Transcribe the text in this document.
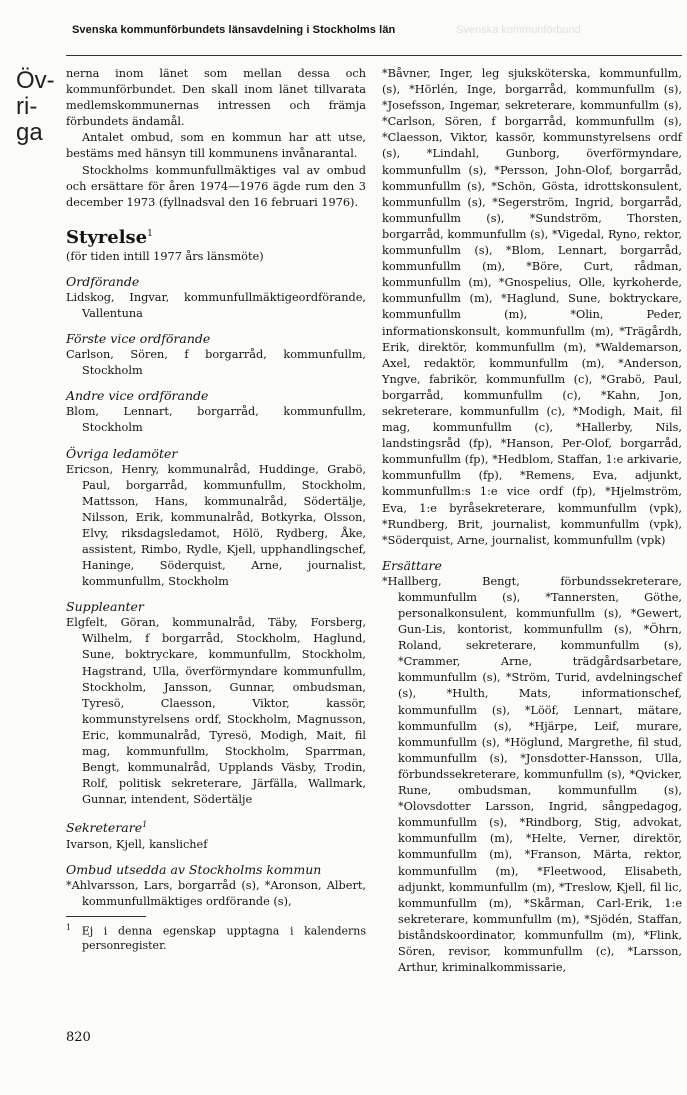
Svenska kommunförbundets länsavdelning i Stockholms län	Svenska kommunförbund
Öv-
ri-
ga

nerna inom länet som mellan dessa och kommunförbundet. Den skall inom länet tillvarata medlemskommunernas intressen och främja förbundets ändamål.

Antalet ombud, som en kommun har att utse, bestäms med hänsyn till kommunens invånarantal.

Stockholms kommunfullmäktiges val av ombud och ersättare för åren 1974—1976 ägde rum den 3 december 1973 (fyllnadsval den 16 februari 1976).

Styrelse$^1$

(för tiden intill 1977 års länsmöte)

Ordförande

Lidskog, Ingvar, kommunfullmäktigeordförande, Vallentuna

Förste vice ordförande

Carlson, Sören, f borgarråd, kommunfullm, Stockholm

Andre vice ordförande

Blom, Lennart, borgarråd, kommunfullm, Stockholm

Övriga ledamöter

Ericson, Henry, kommunalråd, Huddinge, Grabö, Paul, borgarråd, kommunfullm, Stockholm, Mattsson, Hans, kommunalråd, Södertälje, Nilsson, Erik, kommunalråd, Botkyrka, Olsson, Elvy, riksdagsledamot, Hölö, Rydberg, Åke, assistent, Rimbo, Rydle, Kjell, upphandlingschef, Haninge, Söderquist, Arne, journalist, kommunfullm, Stockholm

Suppleanter

Elgfelt, Göran, kommunalråd, Täby, Forsberg, Wilhelm, f borgarråd, Stockholm, Haglund, Sune, boktryckare, kommunfullm, Stockholm, Hagstrand, Ulla, överförmyndare kommunfullm, Stockholm, Jansson, Gunnar, ombudsman, Tyresö, Claesson, Viktor, kassör, kommunstyrelsens ordf, Stockholm, Magnusson, Eric, kommunalråd, Tyresö, Modigh, Mait, fil mag, kommunfullm, Stockholm, Sparrman, Bengt, kommunalråd, Upplands Väsby, Trodin, Rolf, politisk sekreterare, Järfälla, Wallmark, Gunnar, intendent, Södertälje

Sekreterare$^1$

Ivarson, Kjell, kanslichef

Ombud utsedda av Stockholms kommun

*Ahlvarsson, Lars, borgarråd (s), *Aronson, Albert, kommunfullmäktiges ordförande (s),

$^1$ Ej i denna egenskap upptagna i kalenderns personregister.

*Båvner, Inger, leg sjuksköterska, kommunfullm, (s), *Hörlén, Inge, borgarråd, kommunfullm (s), *Josefsson, Ingemar, sekreterare, kommunfullm (s), *Carlson, Sören, f borgarråd, kommunfullm (s), *Claesson, Viktor, kassör, kommunstyrelsens ordf (s), *Lindahl, Gunborg, överförmyndare, kommunfullm (s), *Persson, John-Olof, borgarråd, kommunfullm (s), *Schön, Gösta, idrottskonsulent, kommunfullm (s), *Segerström, Ingrid, borgarråd, kommunfullm (s), *Sundström, Thorsten, borgarråd, kommunfullm (s), *Vigedal, Ryno, rektor, kommunfullm (s), *Blom, Lennart, borgarråd, kommunfullm (m), *Böre, Curt, rådman, kommunfullm (m), *Gnospelius, Olle, kyrkoherde, kommunfullm (m), *Haglund, Sune, boktryckare, kommunfullm (m), *Olin, Peder, informationskonsult, kommunfullm (m), *Trägårdh, Erik, direktör, kommunfullm (m), *Waldemarson, Axel, redaktör, kommunfullm (m), *Anderson, Yngve, fabrikör, kommunfullm (c), *Grabö, Paul, borgarråd, kommunfullm (c), *Kahn, Jon, sekreterare, kommunfullm (c), *Modigh, Mait, fil mag, kommunfullm (c), *Hallerby, Nils, landstingsråd (fp), *Hanson, Per-Olof, borgarråd, kommunfullm (fp), *Hedblom, Staffan, 1:e arkivarie, kommunfullm (fp), *Remens, Eva, adjunkt, kommunfullm:s 1:e vice ordf (fp), *Hjelmström, Eva, 1:e byråsekreterare, kommunfullm (vpk), *Rundberg, Brit, journalist, kommunfullm (vpk), *Söderquist, Arne, journalist, kommunfullm (vpk)

Ersättare

*Hallberg, Bengt, förbundssekreterare, kommunfullm (s), *Tannersten, Göthe, personalkonsulent, kommunfullm (s), *Gewert, Gun-Lis, kontorist, kommunfullm (s), *Öhrn, Roland, sekreterare, kommunfullm (s), *Crammer, Arne, trädgårdsarbetare, kommunfullm (s), *Ström, Turid, avdelningschef (s), *Hulth, Mats, informationschef, kommunfullm (s), *Lööf, Lennart, mätare, kommunfullm (s), *Hjärpe, Leif, murare, kommunfullm (s), *Höglund, Margrethe, fil stud, kommunfullm (s), *Jonsdotter-Hansson, Ulla, förbundssekreterare, kommunfullm (s), *Qvicker, Rune, ombudsman, kommunfullm (s), *Olovsdotter Larsson, Ingrid, sångpedagog, kommunfullm (s), *Rindborg, Stig, advokat, kommunfullm (m), *Helte, Verner, direktör, kommunfullm (m), *Franson, Märta, rektor, kommunfullm (m), *Fleetwood, Elisabeth, adjunkt, kommunfullm (m), *Treslow, Kjell, fil lic, kommunfullm (m), *Skårman, Carl-Erik, 1:e sekreterare, kommunfullm (m), *Sjödén, Staffan, biståndskoordinator, kommunfullm (m), *Flink, Sören, revisor, kommunfullm (c), *Larsson, Arthur, kriminalkommissarie,

820
